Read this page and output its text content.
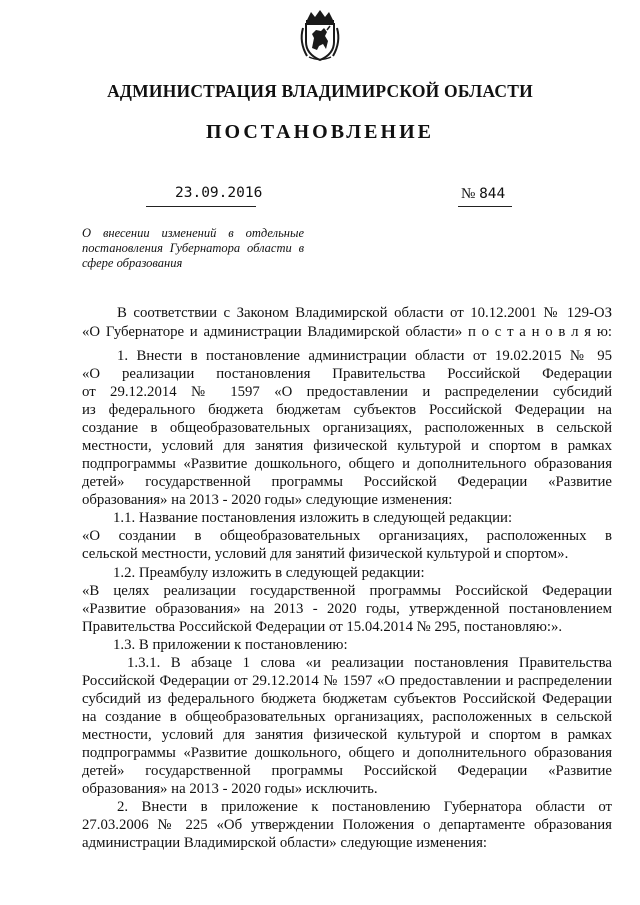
АДМИНИСТРАЦИЯ ВЛАДИМИРСКОЙ ОБЛАСТИ
ПОСТАНОВЛЕНИЕ
23.09.2016	№ 844
О внесении изменений в отдельные
постановления Губернатора области в
сфере образования
В соответствии с Законом Владимирской области от 10.12.2001 № 129-ОЗ
«О Губернаторе и администрации Владимирской области» п о с т а н о в л я ю:
1. Внести в постановление администрации области от 19.02.2015 № 95
«О реализации постановления Правительства Российской Федерации
от 29.12.2014 № 1597 «О предоставлении и распределении субсидий
из федерального бюджета бюджетам субъектов Российской Федерации на
создание в общеобразовательных организациях, расположенных в сельской
местности, условий для занятия физической культурой и спортом в рамках
подпрограммы «Развитие дошкольного, общего и дополнительного образования
детей» государственной программы Российской Федерации «Развитие
образования» на 2013 - 2020 годы» следующие изменения:
1.1. Название постановления изложить в следующей редакции:
«О создании в общеобразовательных организациях, расположенных в
сельской местности, условий для занятий физической культурой и спортом».
1.2. Преамбулу изложить в следующей редакции:
«В целях реализации государственной программы Российской Федерации
«Развитие образования» на 2013 - 2020 годы, утвержденной постановлением
Правительства Российской Федерации от 15.04.2014 № 295, постановляю:».
1.3. В приложении к постановлению:
1.3.1. В абзаце 1 слова «и реализации постановления Правительства
Российской Федерации от 29.12.2014 № 1597 «О предоставлении и распределении
субсидий из федерального бюджета бюджетам субъектов Российской Федерации
на создание в общеобразовательных организациях, расположенных в сельской
местности, условий для занятия физической культурой и спортом в рамках
подпрограммы «Развитие дошкольного, общего и дополнительного образования
детей» государственной программы Российской Федерации «Развитие
образования» на 2013 - 2020 годы» исключить.
2. Внести в приложение к постановлению Губернатора области от
27.03.2006 № 225 «Об утверждении Положения о департаменте образования
администрации Владимирской области» следующие изменения:
